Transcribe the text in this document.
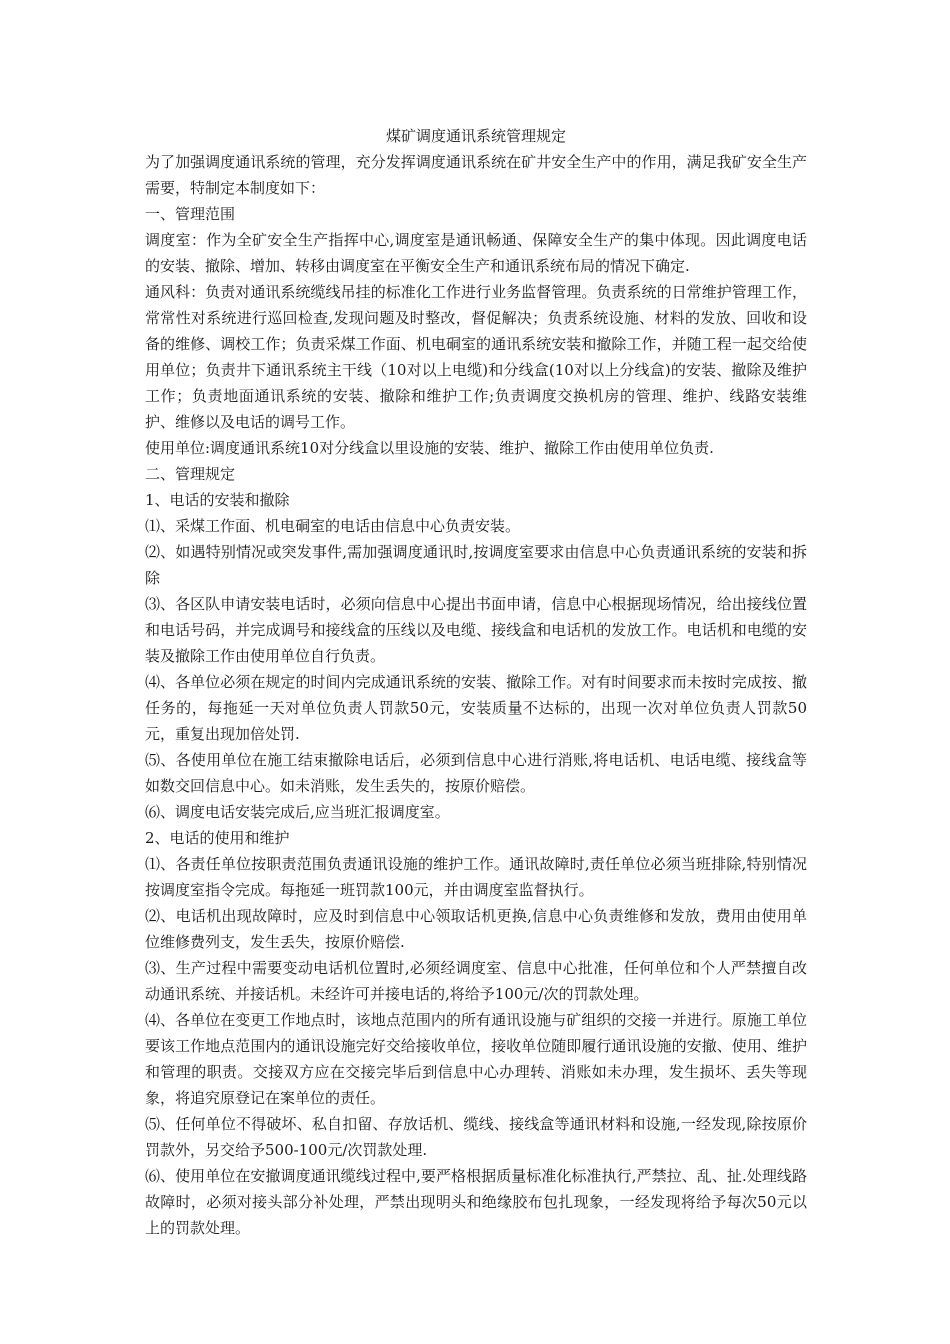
煤矿调度通讯系统管理规定

为了加强调度通讯系统的管理，充分发挥调度通讯系统在矿井安全生产中的作用，满足我矿安全生产需要，特制定本制度如下：

一、管理范围

调度室：作为全矿安全生产指挥中心,调度室是通讯畅通、保障安全生产的集中体现。因此调度电话的安装、撤除、增加、转移由调度室在平衡安全生产和通讯系统布局的情况下确定.

通风科：负责对通讯系统缆线吊挂的标准化工作进行业务监督管理。负责系统的日常维护管理工作，常常性对系统进行巡回检查,发现问题及时整改，督促解决；负责系统设施、材料的发放、回收和设备的维修、调校工作；负责采煤工作面、机电硐室的通讯系统安装和撤除工作，并随工程一起交给使用单位；负责井下通讯系统主干线（10对以上电缆)和分线盒(10对以上分线盒)的安装、撤除及维护工作；负责地面通讯系统的安装、撤除和维护工作;负责调度交换机房的管理、维护、线路安装维护、维修以及电话的调号工作。

使用单位:调度通讯系统10对分线盒以里设施的安装、维护、撤除工作由使用单位负责.

二、管理规定

1、电话的安装和撤除

⑴、采煤工作面、机电硐室的电话由信息中心负责安装。

⑵、如遇特别情况或突发事件,需加强调度通讯时,按调度室要求由信息中心负责通讯系统的安装和拆除

⑶、各区队申请安装电话时，必须向信息中心提出书面申请，信息中心根据现场情况，给出接线位置和电话号码，并完成调号和接线盒的压线以及电缆、接线盒和电话机的发放工作。电话机和电缆的安装及撤除工作由使用单位自行负责。

⑷、各单位必须在规定的时间内完成通讯系统的安装、撤除工作。对有时间要求而未按时完成按、撤任务的，每拖延一天对单位负责人罚款50元，安装质量不达标的，出现一次对单位负责人罚款50元，重复出现加倍处罚.

⑸、各使用单位在施工结束撤除电话后，必须到信息中心进行消账,将电话机、电话电缆、接线盒等如数交回信息中心。如未消账，发生丢失的，按原价赔偿。

⑹、调度电话安装完成后,应当班汇报调度室。

2、电话的使用和维护

⑴、各责任单位按职责范围负责通讯设施的维护工作。通讯故障时,责任单位必须当班排除,特别情况按调度室指令完成。每拖延一班罚款100元，并由调度室监督执行。

⑵、电话机出现故障时，应及时到信息中心领取话机更换,信息中心负责维修和发放，费用由使用单位维修费列支，发生丢失，按原价赔偿.

⑶、生产过程中需要变动电话机位置时,必须经调度室、信息中心批准，任何单位和个人严禁擅自改动通讯系统、并接话机。未经许可并接电话的,将给予100元/次的罚款处理。

⑷、各单位在变更工作地点时，该地点范围内的所有通讯设施与矿组织的交接一并进行。原施工单位要该工作地点范围内的通讯设施完好交给接收单位，接收单位随即履行通讯设施的安撤、使用、维护和管理的职责。交接双方应在交接完毕后到信息中心办理转、消账如未办理，发生损坏、丢失等现象，将追究原登记在案单位的责任。

⑸、任何单位不得破坏、私自扣留、存放话机、缆线、接线盒等通讯材料和设施,一经发现,除按原价罚款外，另交给予500-100元/次罚款处理.

⑹、使用单位在安撤调度通讯缆线过程中,要严格根据质量标准化标准执行,严禁拉、乱、扯.处理线路故障时，必须对接头部分补处理，严禁出现明头和绝缘胶布包扎现象，一经发现将给予每次50元以上的罚款处理。
